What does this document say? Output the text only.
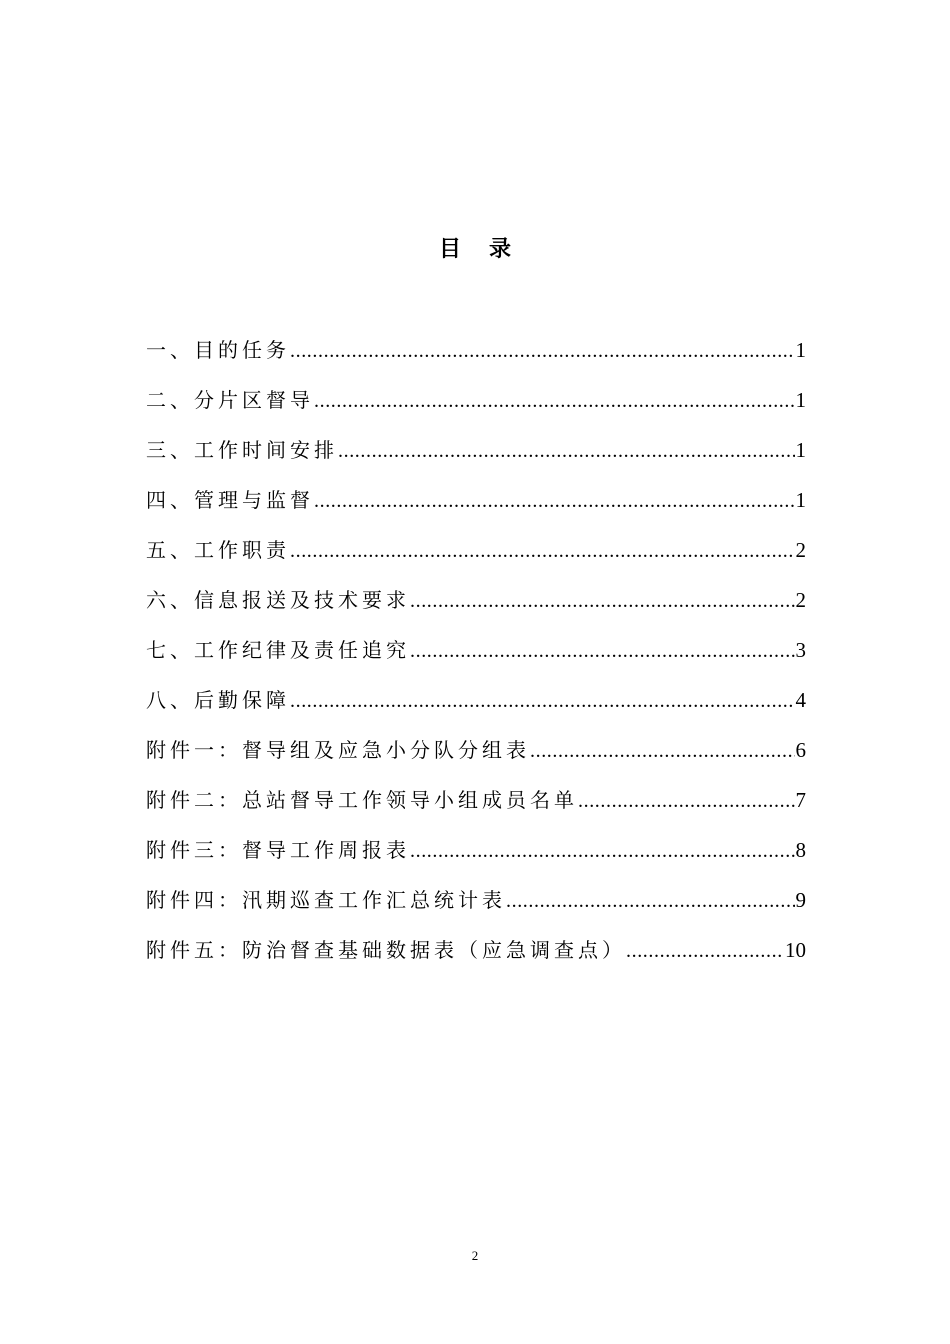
目录
一、目的任务 .....	1
二、分片区督导 .....	1
三、工作时间安排 .....	1
四、管理与监督 .....	1
五、工作职责 .....	2
六、信息报送及技术要求 .....	2
七、工作纪律及责任追究 .....	3
八、后勤保障 .....	4
附件一：督导组及应急小分队分组表 .....	6
附件二：总站督导工作领导小组成员名单 .....	7
附件三：督导工作周报表 .....	8
附件四：汛期巡查工作汇总统计表 .....	9
附件五：防治督查基础数据表（应急调查点） .....	10
2
